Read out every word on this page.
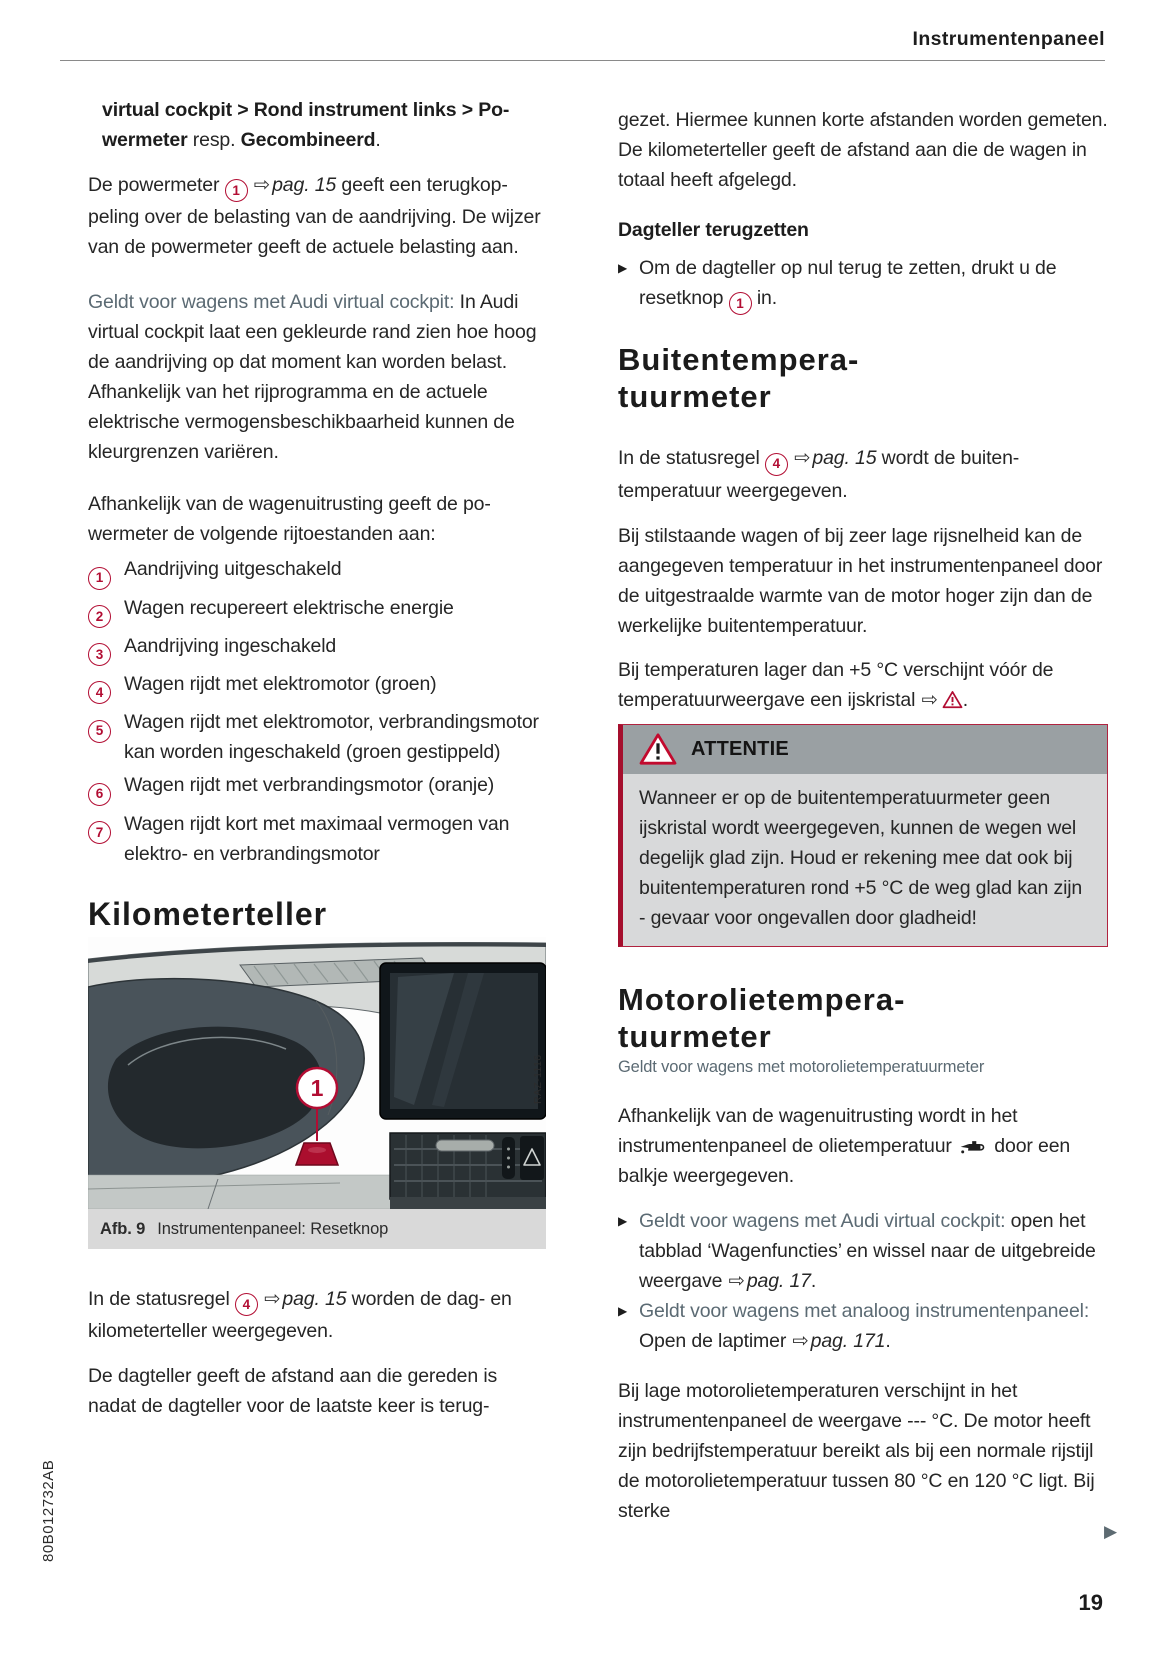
Instrumentenpaneel

virtual cockpit > Rond instrument links > Powermeter resp. Gecombineerd.

De powermeter 1 ⇨ pag. 15 geeft een terugkoppeling over de belasting van de aandrijving. De wijzer van de powermeter geeft de actuele belasting aan.

Geldt voor wagens met Audi virtual cockpit: In Audi virtual cockpit laat een gekleurde rand zien hoe hoog de aandrijving op dat moment kan worden belast. Afhankelijk van het rijprogramma en de actuele elektrische vermogensbeschikbaarheid kunnen de kleurgrenzen variëren.

Afhankelijk van de wagenuitrusting geeft de powermeter de volgende rijtoestanden aan:

1	Aandrijving uitgeschakeld
2	Wagen recupereert elektrische energie
3	Aandrijving ingeschakeld
4	Wagen rijdt met elektromotor (groen)
5	Wagen rijdt met elektromotor, verbrandingsmotor kan worden ingeschakeld (groen gestippeld)
6	Wagen rijdt met verbrandingsmotor (oranje)
7	Wagen rijdt kort met maximaal vermogen van elektro- en verbrandingsmotor
Kilometerteller
1
Afb. 9 Instrumentenpaneel: Resetknop

In de statusregel 4 ⇨ pag. 15 worden de dag- en kilometerteller weergegeven.

De dagteller geeft de afstand aan die gereden is nadat de dagteller voor de laatste keer is terug-

gezet. Hiermee kunnen korte afstanden worden gemeten. De kilometerteller geeft de afstand aan die de wagen in totaal heeft afgelegd.

Dagteller terugzetten
▶ Om de dagteller op nul terug te zetten, drukt u de resetknop 1 in.
Buitentempera-
tuurmeter

In de statusregel 4 ⇨ pag. 15 wordt de buitentemperatuur weergegeven.

Bij stilstaande wagen of bij zeer lage rijsnelheid kan de aangegeven temperatuur in het instrumentenpaneel door de uitgestraalde warmte van de motor hoger zijn dan de werkelijke buitentemperatuur.

Bij temperaturen lager dan +5 °C verschijnt vóór de temperatuurweergave een ijskristal ⇨ .

ATTENTIE
Wanneer er op de buitentemperatuurmeter geen ijskristal wordt weergegeven, kunnen de wegen wel degelijk glad zijn. Houd er rekening mee dat ook bij buitentemperaturen rond +5 °C de weg glad kan zijn - gevaar voor ongevallen door gladheid!
Motorolietempera-
tuurmeter
Geldt voor wagens met motorolietemperatuurmeter

Afhankelijk van de wagenuitrusting wordt in het instrumentenpaneel de olietemperatuur  door een balkje weergegeven.

▶ Geldt voor wagens met Audi virtual cockpit: open het tabblad ‘Wagenfuncties’ en wissel naar de uitgebreide weergave ⇨ pag. 17.
▶ Geldt voor wagens met analoog instrumentenpaneel: Open de laptimer ⇨ pag. 171.

Bij lage motorolietemperaturen verschijnt in het instrumentenpaneel de weergave --- °C. De motor heeft zijn bedrijfstemperatuur bereikt als bij een normale rijstijl de motorolietemperatuur tussen 80 °C en 120 °C ligt. Bij sterke

RAZ-1116
80B012732AB	▶
19
